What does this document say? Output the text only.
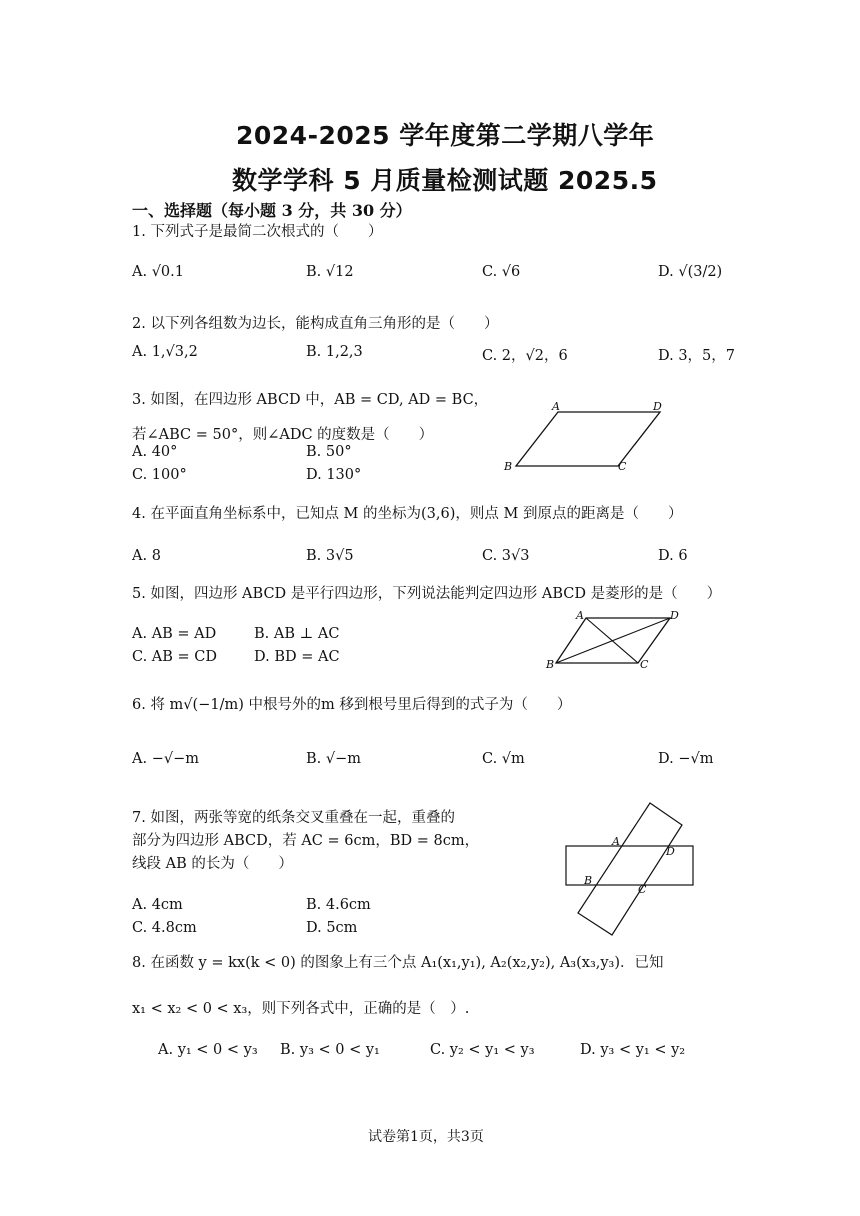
2024-2025 学年度第二学期八学年
数学学科 5 月质量检测试题 2025.5
一、选择题（每小题 3 分，共 30 分）
1. 下列式子是最简二次根式的（　　）
A. √0.1	B. √12	C. √6	D. √(3/2)
2. 以下列各组数为边长，能构成直角三角形的是（　　）
A. 1,√3,2	B. 1,2,3	C. 2，√2，6	D. 3，5，7
3. 如图，在四边形 ABCD 中，AB = CD, AD = BC，
若∠ABC = 50°，则∠ADC 的度数是（　　）
A. 40°	B. 50°
C. 100°	D. 130°
A	D
B	C
4. 在平面直角坐标系中，已知点 M 的坐标为(3,6)，则点 M 到原点的距离是（　　）
A. 8	B. 3√5	C. 3√3	D. 6
5. 如图，四边形 ABCD 是平行四边形，下列说法能判定四边形 ABCD 是菱形的是（　　）
A. AB = AD	B. AB ⊥ AC
C. AB = CD	D. BD = AC
A	D
B	C
6. 将 m√(−1/m) 中根号外的m 移到根号里后得到的式子为（　　）
A. −√−m	B. √−m	C. √m	D. −√m
7. 如图，两张等宽的纸条交叉重叠在一起，重叠的
部分为四边形 ABCD，若 AC = 6cm，BD = 8cm，
线段 AB 的长为（　　）
A. 4cm	B. 4.6cm
C. 4.8cm	D. 5cm
A
D
B
C
8. 在函数 y = kx(k < 0) 的图象上有三个点 A₁(x₁,y₁), A₂(x₂,y₂), A₃(x₃,y₃)．已知
x₁ < x₂ < 0 < x₃，则下列各式中，正确的是（　）.
A. y₁ < 0 < y₃ B. y₃ < 0 < y₁	C. y₂ < y₁ < y₃	D. y₃ < y₁ < y₂
试卷第1页，共3页
